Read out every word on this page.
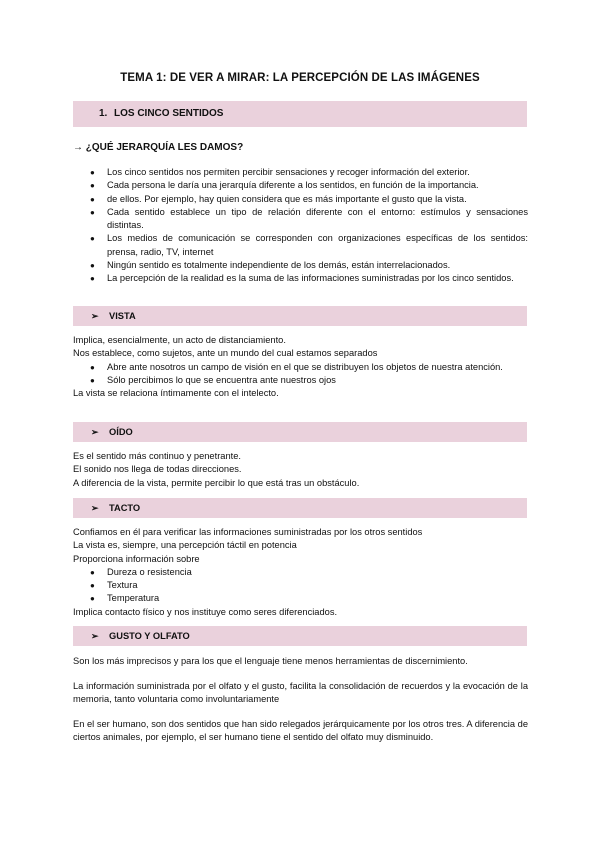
TEMA 1: DE VER A MIRAR: LA PERCEPCIÓN DE LAS IMÁGENES
1. LOS CINCO SENTIDOS
→ ¿QUÉ JERARQUÍA LES DAMOS?
● Los cinco sentidos nos permiten percibir sensaciones y recoger información del exterior.
● Cada persona le daría una jerarquía diferente a los sentidos, en función de la importancia.
● de ellos. Por ejemplo, hay quien considera que es más importante el gusto que la vista.
● Cada sentido establece un tipo de relación diferente con el entorno: estímulos y sensaciones distintas.
● Los medios de comunicación se corresponden con organizaciones específicas de los sentidos: prensa, radio, TV, internet
● Ningún sentido es totalmente independiente de los demás, están interrelacionados.
● La percepción de la realidad es la suma de las informaciones suministradas por los cinco sentidos.
➢ VISTA
Implica, esencialmente, un acto de distanciamiento.
Nos establece, como sujetos, ante un mundo del cual estamos separados
● Abre ante nosotros un campo de visión en el que se distribuyen los objetos de nuestra atención.
● Sólo percibimos lo que se encuentra ante nuestros ojos
La vista se relaciona íntimamente con el intelecto.
➢ OÍDO
Es el sentido más continuo y penetrante.
El sonido nos llega de todas direcciones.
A diferencia de la vista, permite percibir lo que está tras un obstáculo.
➢ TACTO
Confiamos en él para verificar las informaciones suministradas por los otros sentidos
La vista es, siempre, una percepción táctil en potencia
Proporciona información sobre
● Dureza o resistencia
● Textura
● Temperatura
Implica contacto físico y nos instituye como seres diferenciados.
➢ GUSTO Y OLFATO
Son los más imprecisos y para los que el lenguaje tiene menos herramientas de discernimiento.
La información suministrada por el olfato y el gusto, facilita la consolidación de recuerdos y la evocación de la memoria, tanto voluntaria como involuntariamente
En el ser humano, son dos sentidos que han sido relegados jerárquicamente por los otros tres. A diferencia de ciertos animales, por ejemplo, el ser humano tiene el sentido del olfato muy disminuido.
